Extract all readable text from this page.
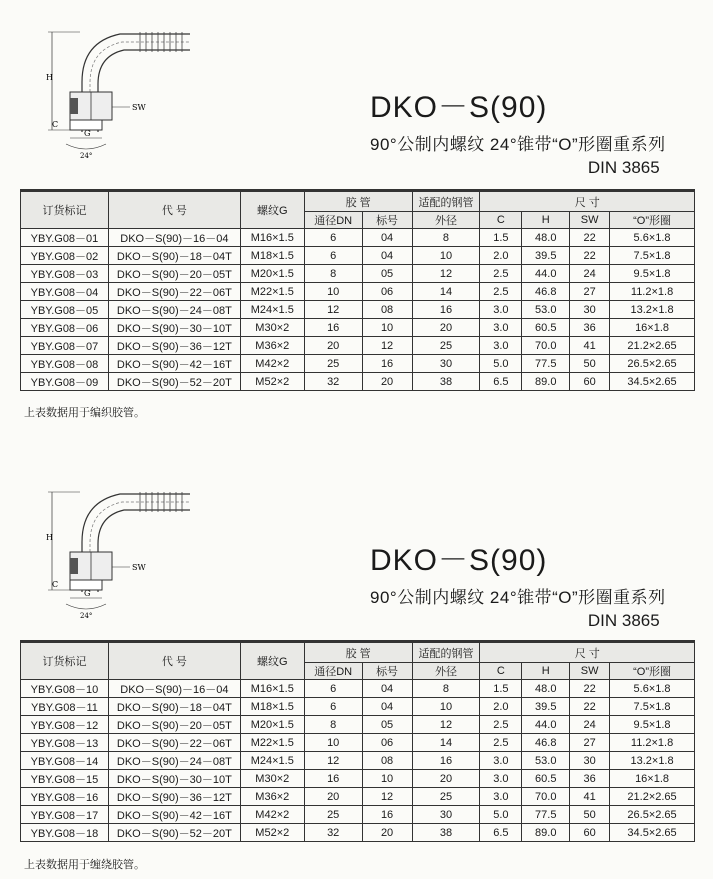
H
C
G
SW
24°
DKO－S(90)
90°公制内螺纹 24°锥带“O”形圈重系列
DIN 3865
订货标记	代 号	螺纹G	胶 管		适配的钢管	尺 寸			
			通径DN	标号	外径	C	H	SW	“O”形圈
YBY.G08－01	DKO－S(90)－16－04	M16×1.5	6	04	8	1.5	48.0	22	5.6×1.8
YBY.G08－02	DKO－S(90)－18－04T	M18×1.5	6	04	10	2.0	39.5	22	7.5×1.8
YBY.G08－03	DKO－S(90)－20－05T	M20×1.5	8	05	12	2.5	44.0	24	9.5×1.8
YBY.G08－04	DKO－S(90)－22－06T	M22×1.5	10	06	14	2.5	46.8	27	11.2×1.8
YBY.G08－05	DKO－S(90)－24－08T	M24×1.5	12	08	16	3.0	53.0	30	13.2×1.8
YBY.G08－06	DKO－S(90)－30－10T	M30×2	16	10	20	3.0	60.5	36	16×1.8
YBY.G08－07	DKO－S(90)－36－12T	M36×2	20	12	25	3.0	70.0	41	21.2×2.65
YBY.G08－08	DKO－S(90)－42－16T	M42×2	25	16	30	5.0	77.5	50	26.5×2.65
YBY.G08－09	DKO－S(90)－52－20T	M52×2	32	20	38	6.5	89.0	60	34.5×2.65
上表数据用于编织胶管。
H
C
G
SW
24°
DKO－S(90)
90°公制内螺纹 24°锥带“O”形圈重系列
DIN 3865
订货标记	代 号	螺纹G	胶 管		适配的钢管	尺 寸			
			通径DN	标号	外径	C	H	SW	“O”形圈
YBY.G08－10	DKO－S(90)－16－04	M16×1.5	6	04	8	1.5	48.0	22	5.6×1.8
YBY.G08－11	DKO－S(90)－18－04T	M18×1.5	6	04	10	2.0	39.5	22	7.5×1.8
YBY.G08－12	DKO－S(90)－20－05T	M20×1.5	8	05	12	2.5	44.0	24	9.5×1.8
YBY.G08－13	DKO－S(90)－22－06T	M22×1.5	10	06	14	2.5	46.8	27	11.2×1.8
YBY.G08－14	DKO－S(90)－24－08T	M24×1.5	12	08	16	3.0	53.0	30	13.2×1.8
YBY.G08－15	DKO－S(90)－30－10T	M30×2	16	10	20	3.0	60.5	36	16×1.8
YBY.G08－16	DKO－S(90)－36－12T	M36×2	20	12	25	3.0	70.0	41	21.2×2.65
YBY.G08－17	DKO－S(90)－42－16T	M42×2	25	16	30	5.0	77.5	50	26.5×2.65
YBY.G08－18	DKO－S(90)－52－20T	M52×2	32	20	38	6.5	89.0	60	34.5×2.65
上表数据用于缠绕胶管。
